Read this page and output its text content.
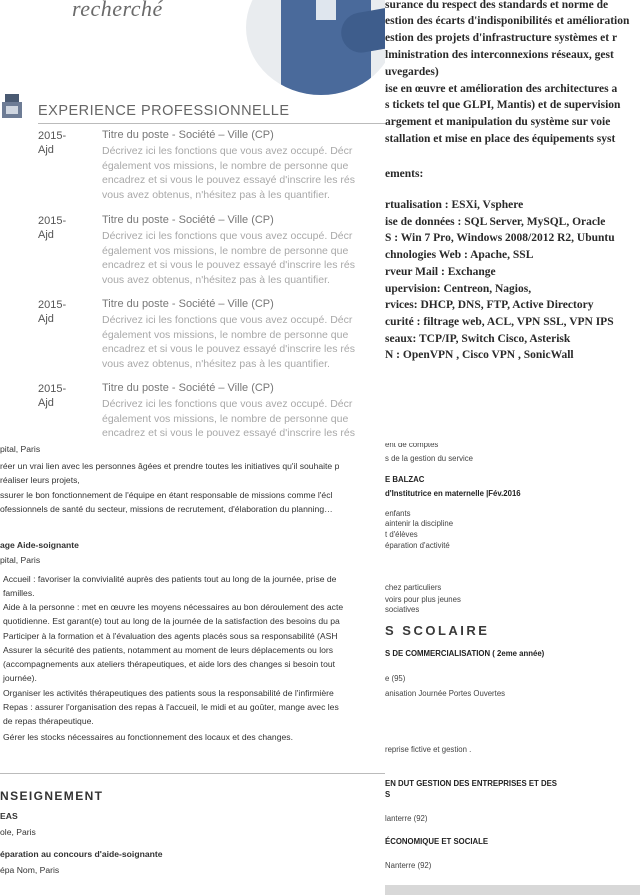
recherché
EXPERIENCE PROFESSIONNELLE
2015-
Ajd
Titre du poste - Société – Ville (CP)
Décrivez ici les fonctions que vous avez occupé. Décr
également vos missions, le nombre de personne que
encadrez et si vous le pouvez essayé d'inscrire les rés
vous avez obtenus, n'hésitez pas à les quantifier.
2015-
Ajd
Titre du poste - Société – Ville (CP)
Décrivez ici les fonctions que vous avez occupé. Décr
également vos missions, le nombre de personne que
encadrez et si vous le pouvez essayé d'inscrire les rés
vous avez obtenus, n'hésitez pas à les quantifier.
2015-
Ajd
Titre du poste - Société – Ville (CP)
Décrivez ici les fonctions que vous avez occupé. Décr
également vos missions, le nombre de personne que
encadrez et si vous le pouvez essayé d'inscrire les rés
vous avez obtenus, n'hésitez pas à les quantifier.
2015-
Ajd
Titre du poste - Société – Ville (CP)
Décrivez ici les fonctions que vous avez occupé. Décr
également vos missions, le nombre de personne que
encadrez et si vous le pouvez essayé d'inscrire les rés
surance du respect des standards et norme de
estion des écarts d'indisponibilités et amélioration
estion des projets d'infrastructure systèmes et r
lministration des interconnexions réseaux, gest
uvegardes)
ise en œuvre et amélioration des architectures a
s tickets tel que GLPI, Mantis) et de supervision
argement et manipulation du système sur voie
stallation et mise en place des équipements syst
ements:
rtualisation : ESXi, Vsphere
ise de données : SQL Server, MySQL, Oracle
S : Win 7 Pro, Windows 2008/2012 R2, Ubuntu
chnologies Web : Apache, SSL
rveur Mail : Exchange
upervision: Centreon, Nagios,
rvices: DHCP, DNS, FTP, Active Directory
curité : filtrage web, ACL, VPN SSL, VPN IPS
seaux: TCP/IP, Switch Cisco, Asterisk
N : OpenVPN , Cisco VPN , SonicWall
pital, Paris
réer un vrai lien avec les personnes âgées et prendre toutes les initiatives qu'il souhaite p
réaliser leurs projets,
ssurer le bon fonctionnement de l'équipe en étant responsable de missions comme l'écl
ofessionnels de santé du secteur, missions de recrutement, d'élaboration du planning…
age Aide-soignante
pital, Paris
Accueil : favoriser la convivialité auprès des patients tout au long de la journée, prise de
familles.
Aide à la personne : met en œuvre les moyens nécessaires au bon déroulement des acte
quotidienne. Est garant(e) tout au long de la journée de la satisfaction des besoins du pa
Participer à la formation et à l'évaluation des agents placés sous sa responsabilité (ASH
Assurer la sécurité des patients, notamment au moment de leurs déplacements ou lors
(accompagnements aux ateliers thérapeutiques, et aide lors des changes si besoin tout
journée).
Organiser les activités thérapeutiques des patients sous la responsabilité de l'infirmière
Repas : assurer l'organisation des repas à l'accueil, le midi et au goûter, mange avec les
de repas thérapeutique.
Gérer les stocks nécessaires au fonctionnement des locaux et des changes.
NSEIGNEMENT
EAS
ole, Paris
éparation au concours d'aide-soignante
épa Nom, Paris
ent de comptes
s de la gestion du service
E BALZAC
d'Institutrice en maternelle |Fév.2016
enfants
aintenir la discipline
t d'élèves
éparation d'activité
chez particuliers
voirs pour plus jeunes
sociatives
S SCOLAIRE
S DE COMMERCIALISATION ( 2eme année)
e (95)
anisation Journée Portes Ouvertes
reprise fictive et gestion .
EN DUT GESTION DES ENTREPRISES ET DES
S
lanterre (92)
ÉCONOMIQUE ET SOCIALE
Nanterre (92)
